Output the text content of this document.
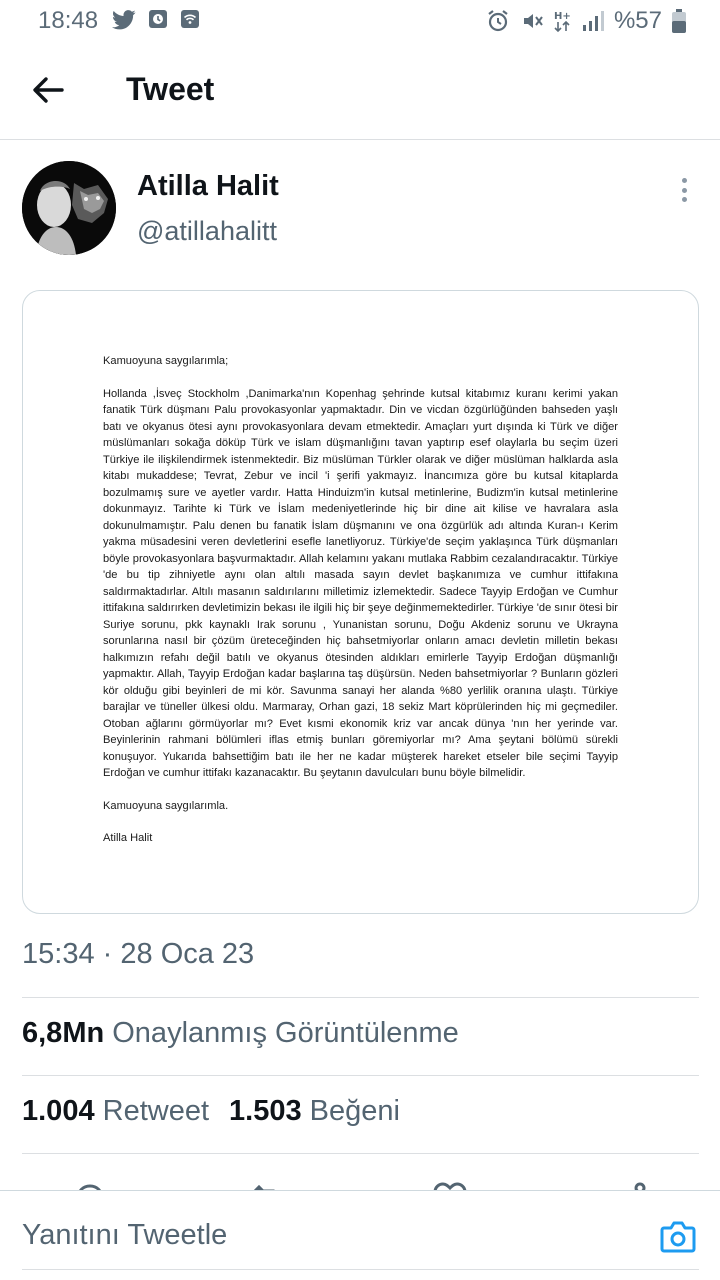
18:48	H+ %57
Tweet
Atilla Halit
@atillahalitt
Kamuoyuna saygılarımla;
Hollanda ,İsveç Stockholm ,Danimarka'nın Kopenhag şehrinde kutsal kitabımız kuranı kerimi yakan fanatik Türk düşmanı Palu provokasyonlar yapmaktadır. Din ve vicdan özgürlüğünden bahseden yaşlı batı ve okyanus ötesi aynı provokasyonlara devam etmektedir. Amaçları yurt dışında ki Türk ve diğer müslümanları sokağa döküp Türk ve islam düşmanlığını tavan yaptırıp esef olaylarla bu seçim üzeri Türkiye ile ilişkilendirmek istenmektedir. Biz müslüman Türkler olarak ve diğer müslüman halklarda asla kitabı mukaddese; Tevrat, Zebur ve incil 'i şerifi yakmayız. İnancımıza göre bu kutsal kitaplarda bozulmamış sure ve ayetler vardır. Hatta Hinduizm'in kutsal metinlerine, Budizm'in kutsal metinlerine dokunmayız. Tarihte ki Türk ve İslam medeniyetlerinde hiç bir dine ait kilise ve havralara asla dokunulmamıştır. Palu denen bu fanatik İslam düşmanını ve ona özgürlük adı altında Kuran-ı Kerim yakma müsadesini veren devletlerini esefle lanetliyoruz. Türkiye'de seçim yaklaşınca Türk düşmanları böyle provokasyonlara başvurmaktadır. Allah kelamını yakanı mutlaka Rabbim cezalandıracaktır. Türkiye 'de bu tip zihniyetle aynı olan altılı masada sayın devlet başkanımıza ve cumhur ittifakına saldırmaktadırlar. Altılı masanın saldırılarını milletimiz izlemektedir. Sadece Tayyip Erdoğan ve Cumhur ittifakına saldırırken devletimizin bekası ile ilgili hiç bir şeye değinmemektedirler. Türkiye 'de sınır ötesi bir Suriye sorunu, pkk kaynaklı Irak sorunu , Yunanistan sorunu, Doğu Akdeniz sorunu ve Ukrayna sorunlarına nasıl bir çözüm üreteceğinden hiç bahsetmiyorlar onların amacı devletin milletin bekası halkımızın refahı değil batılı ve okyanus ötesinden aldıkları emirlerle Tayyip Erdoğan düşmanlığı yapmaktır. Allah, Tayyip Erdoğan kadar başlarına taş düşürsün. Neden bahsetmiyorlar ? Bunların gözleri kör olduğu gibi beyinleri de mi kör. Savunma sanayi her alanda %80 yerlilik oranına ulaştı. Türkiye barajlar ve tüneller ülkesi oldu. Marmaray, Orhan gazi, 18 sekiz Mart köprülerinden hiç mi geçmediler. Otoban ağlarını görmüyorlar mı? Evet kısmi ekonomik kriz var ancak dünya 'nın her yerinde var. Beyinlerinin rahmani bölümleri iflas etmiş bunları göremiyorlar mı? Ama şeytani bölümü sürekli konuşuyor. Yukarıda bahsettiğim batı ile her ne kadar müşterek hareket etseler bile seçimi Tayyip Erdoğan ve cumhur ittifakı kazanacaktır. Bu şeytanın davulcuları bunu böyle bilmelidir.
Kamuoyuna saygılarımla.
Atilla Halit
15:34 · 28 Oca 23
6,8Mn Onaylanmış Görüntülenme
1.004 Retweet 1.503 Beğeni
Yanıtını Tweetle
